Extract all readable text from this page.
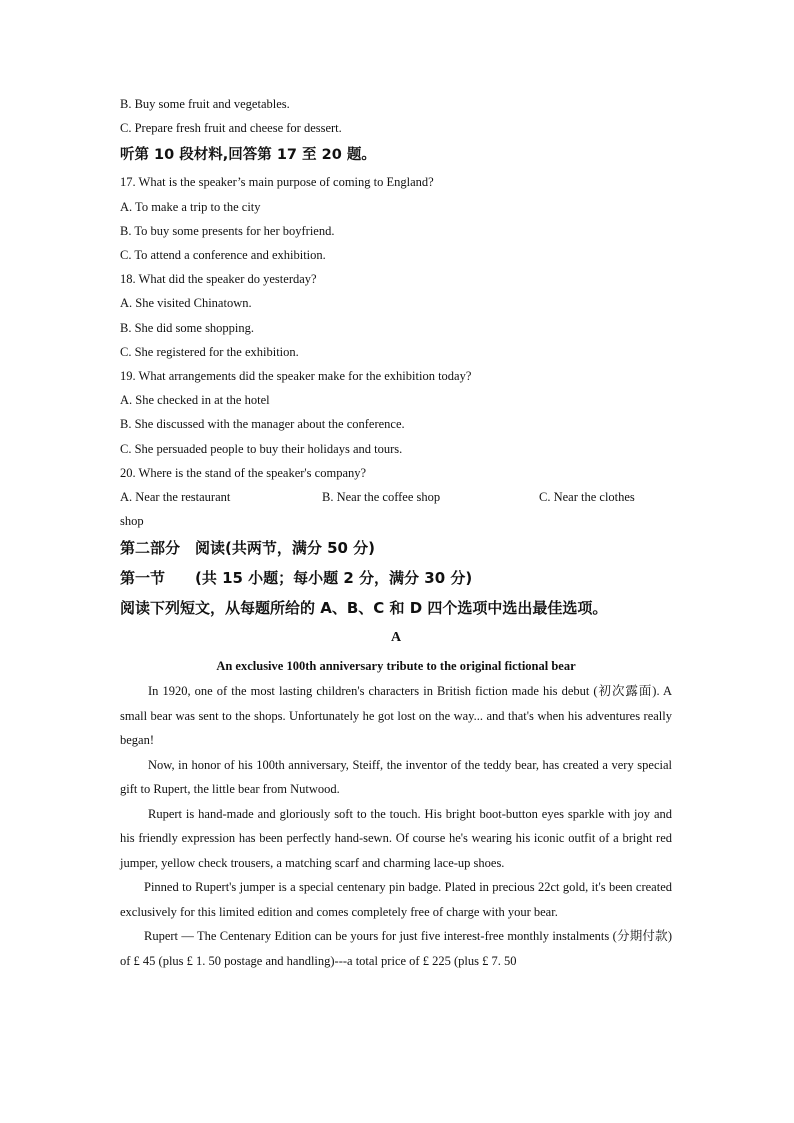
B. Buy some fruit and vegetables.
C. Prepare fresh fruit and cheese for dessert.
听第 10 段材料,回答第 17 至 20 题。
17. What is the speaker’s main purpose of coming to England?
A. To make a trip to the city
B. To buy some presents for her boyfriend.
C. To attend a conference and exhibition.
18. What did the speaker do yesterday?
A. She visited Chinatown.
B. She did some shopping.
C. She registered for the exhibition.
19. What arrangements did the speaker make for the exhibition today?
A. She checked in at the hotel
B. She discussed with the manager about the conference.
C. She persuaded people to buy their holidays and tours.
20. Where is the stand of the speaker's company?
A. Near the restaurant	B. Near the coffee shop	C. Near the clothes
shop
第二部分　阅读(共两节，满分 50 分)
第一节　　(共 15 小题；每小题 2 分，满分 30 分)
阅读下列短文，从每题所给的 A、B、C 和 D 四个选项中选出最佳选项。
A
An exclusive 100th anniversary tribute to the original fictional bear

In 1920, one of the most lasting children's characters in British fiction made his debut (初次露面). A small bear was sent to the shops. Unfortunately he got lost on the way... and that's when his adventures really began!

Now, in honor of his 100th anniversary, Steiff, the inventor of the teddy bear, has created a very special gift to Rupert, the little bear from Nutwood.

Rupert is hand-made and gloriously soft to the touch. His bright boot-button eyes sparkle with joy and his friendly expression has been perfectly hand-sewn. Of course he's wearing his iconic outfit of a bright red jumper, yellow check trousers, a matching scarf and charming lace-up shoes.

Pinned to Rupert's jumper is a special centenary pin badge. Plated in precious 22ct gold, it's been created exclusively for this limited edition and comes completely free of charge with your bear.

Rupert — The Centenary Edition can be yours for just five interest-free monthly instalments (分期付款) of £ 45 (plus £ 1. 50 postage and handling)---a total price of £ 225 (plus £ 7. 50
